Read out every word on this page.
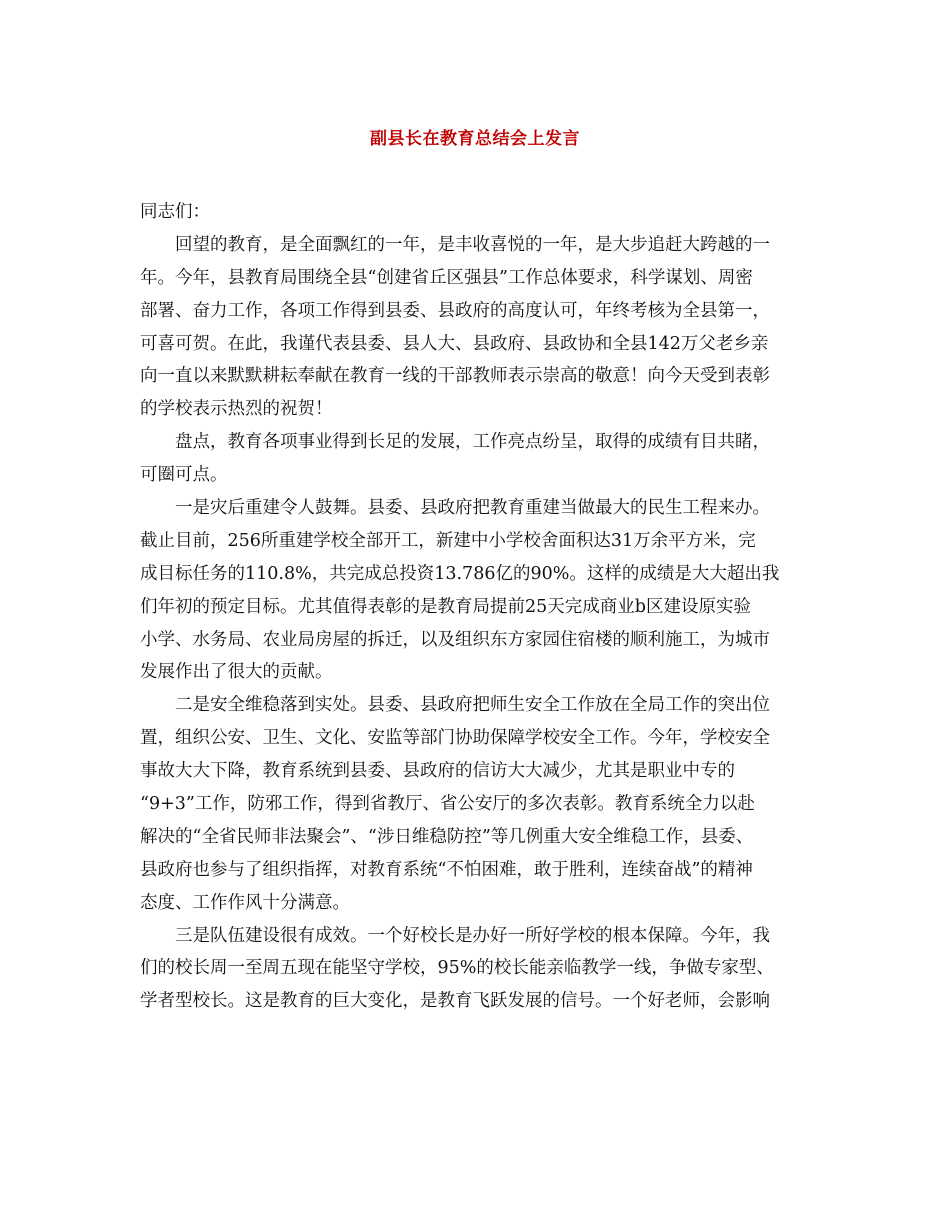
副县长在教育总结会上发言
同志们：
回望的教育，是全面飘红的一年，是丰收喜悦的一年，是大步追赶大跨越的一
年。今年，县教育局围绕全县“创建省丘区强县”工作总体要求，科学谋划、周密
部署、奋力工作，各项工作得到县委、县政府的高度认可，年终考核为全县第一，
可喜可贺。在此，我谨代表县委、县人大、县政府、县政协和全县142万父老乡亲
向一直以来默默耕耘奉献在教育一线的干部教师表示崇高的敬意！向今天受到表彰
的学校表示热烈的祝贺！
盘点，教育各项事业得到长足的发展，工作亮点纷呈，取得的成绩有目共睹，
可圈可点。
一是灾后重建令人鼓舞。县委、县政府把教育重建当做最大的民生工程来办。
截止目前，256所重建学校全部开工，新建中小学校舍面积达31万余平方米，完
成目标任务的110.8%，共完成总投资13.786亿的90%。这样的成绩是大大超出我
们年初的预定目标。尤其值得表彰的是教育局提前25天完成商业b区建设原实验
小学、水务局、农业局房屋的拆迁，以及组织东方家园住宿楼的顺利施工，为城市
发展作出了很大的贡献。
二是安全维稳落到实处。县委、县政府把师生安全工作放在全局工作的突出位
置，组织公安、卫生、文化、安监等部门协助保障学校安全工作。今年，学校安全
事故大大下降，教育系统到县委、县政府的信访大大减少，尤其是职业中专的
“9+3”工作，防邪工作，得到省教厅、省公安厅的多次表彰。教育系统全力以赴
解决的“全省民师非法聚会”、“涉日维稳防控”等几例重大安全维稳工作，县委、
县政府也参与了组织指挥，对教育系统“不怕困难，敢于胜利，连续奋战”的精神
态度、工作作风十分满意。
三是队伍建设很有成效。一个好校长是办好一所好学校的根本保障。今年，我
们的校长周一至周五现在能坚守学校，95%的校长能亲临教学一线，争做专家型、
学者型校长。这是教育的巨大变化，是教育飞跃发展的信号。一个好老师，会影响
